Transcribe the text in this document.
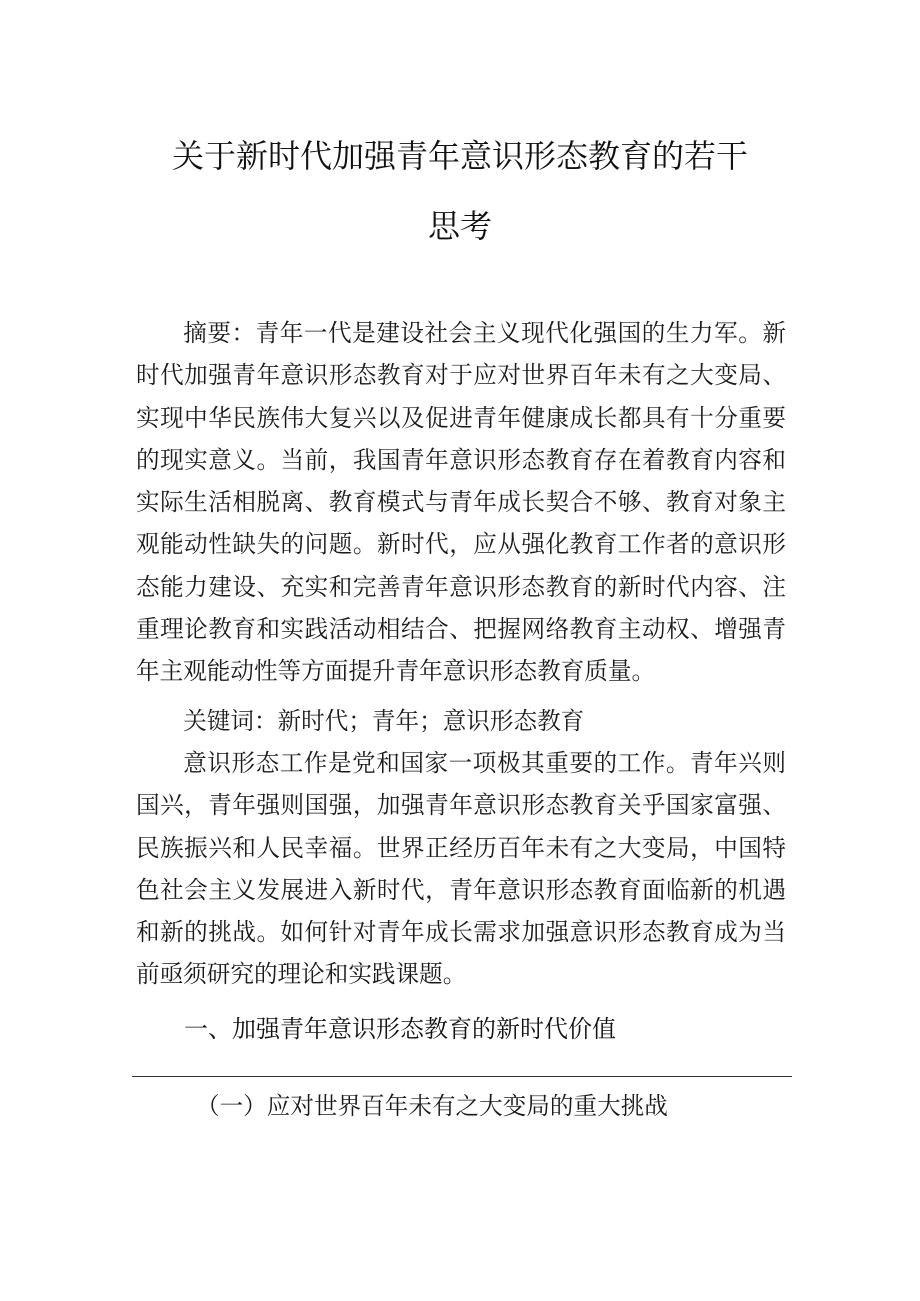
关于新时代加强青年意识形态教育的若干
思考

摘要：青年一代是建设社会主义现代化强国的生力军。新时代加强青年意识形态教育对于应对世界百年未有之大变局、实现中华民族伟大复兴以及促进青年健康成长都具有十分重要的现实意义。当前，我国青年意识形态教育存在着教育内容和实际生活相脱离、教育模式与青年成长契合不够、教育对象主观能动性缺失的问题。新时代，应从强化教育工作者的意识形态能力建设、充实和完善青年意识形态教育的新时代内容、注重理论教育和实践活动相结合、把握网络教育主动权、增强青年主观能动性等方面提升青年意识形态教育质量。

关键词：新时代；青年；意识形态教育

意识形态工作是党和国家一项极其重要的工作。青年兴则国兴，青年强则国强，加强青年意识形态教育关乎国家富强、民族振兴和人民幸福。世界正经历百年未有之大变局，中国特色社会主义发展进入新时代，青年意识形态教育面临新的机遇和新的挑战。如何针对青年成长需求加强意识形态教育成为当前亟须研究的理论和实践课题。

一、加强青年意识形态教育的新时代价值
（一）应对世界百年未有之大变局的重大挑战
